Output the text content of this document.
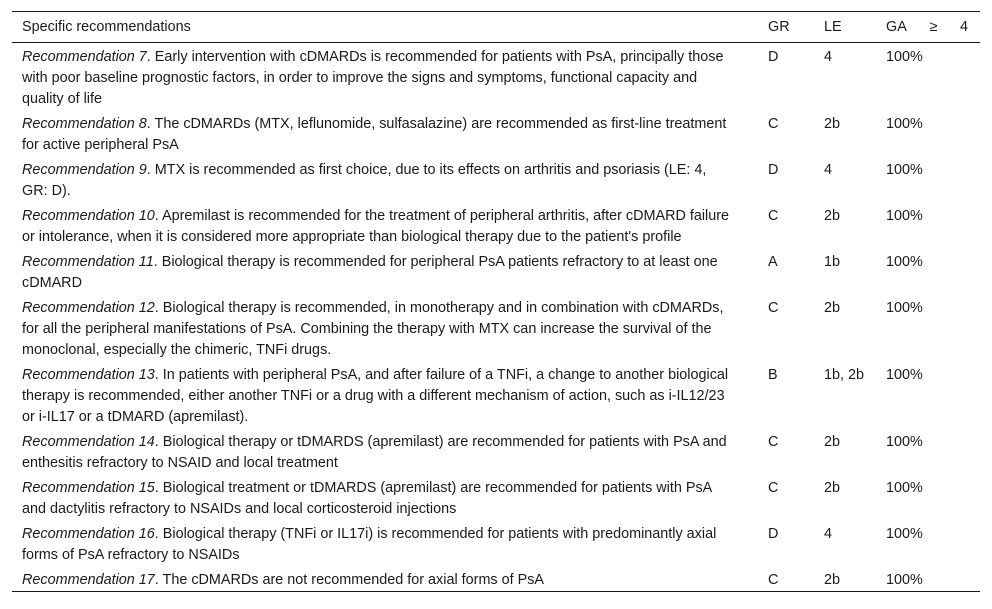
Specific recommendations	GR	LE	GA ≥ 4

Recommendation 7. Early intervention with cDMARDs is recommended for patients with PsA, principally those with poor baseline prognostic factors, in order to improve the signs and symptoms, functional capacity and quality of life	D	4	100%
Recommendation 8. The cDMARDs (MTX, leflunomide, sulfasalazine) are recommended as first-line treatment for active peripheral PsA	C	2b	100%
Recommendation 9. MTX is recommended as first choice, due to its effects on arthritis and psoriasis (LE: 4, GR: D).	D	4	100%
Recommendation 10. Apremilast is recommended for the treatment of peripheral arthritis, after cDMARD failure or intolerance, when it is considered more appropriate than biological therapy due to the patient's profile	C	2b	100%
Recommendation 11. Biological therapy is recommended for peripheral PsA patients refractory to at least one cDMARD	A	1b	100%
Recommendation 12. Biological therapy is recommended, in monotherapy and in combination with cDMARDs, for all the peripheral manifestations of PsA. Combining the therapy with MTX can increase the survival of the monoclonal, especially the chimeric, TNFi drugs.	C	2b	100%
Recommendation 13. In patients with peripheral PsA, and after failure of a TNFi, a change to another biological therapy is recommended, either another TNFi or a drug with a different mechanism of action, such as i-IL12/23 or i-IL17 or a tDMARD (apremilast).	B	1b, 2b	100%
Recommendation 14. Biological therapy or tDMARDS (apremilast) are recommended for patients with PsA and enthesitis refractory to NSAID and local treatment	C	2b	100%
Recommendation 15. Biological treatment or tDMARDS (apremilast) are recommended for patients with PsA and dactylitis refractory to NSAIDs and local corticosteroid injections	C	2b	100%
Recommendation 16. Biological therapy (TNFi or IL17i) is recommended for patients with predominantly axial forms of PsA refractory to NSAIDs	D	4	100%
Recommendation 17. The cDMARDs are not recommended for axial forms of PsA	C	2b	100%
